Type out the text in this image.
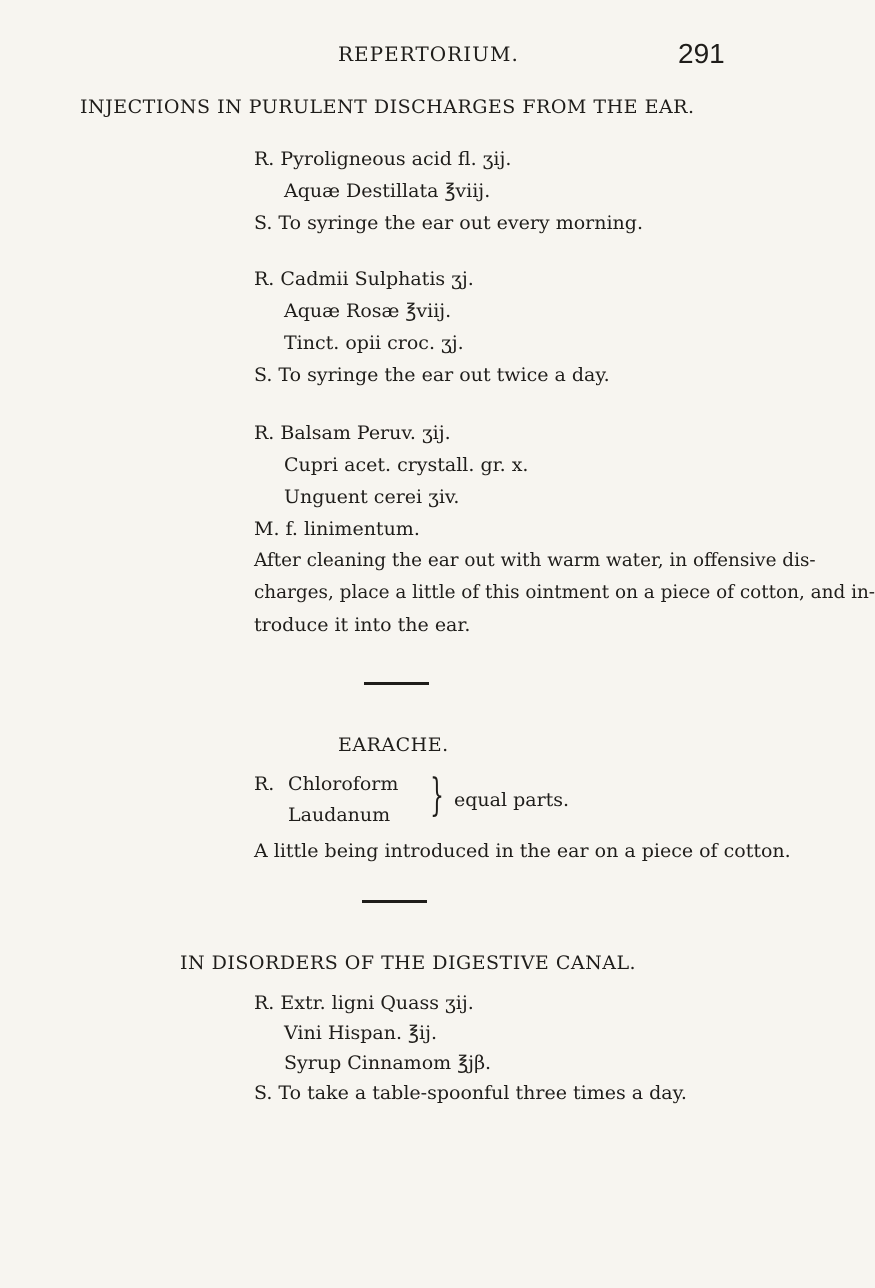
REPERTORIUM.	291
INJECTIONS IN PURULENT DISCHARGES FROM THE EAR.
R. Pyroligneous acid fl. ʒij.
Aquæ Destillata ℥viij.
S. To syringe the ear out every morning.
R. Cadmii Sulphatis ʒj.
Aquæ Rosæ ℥viij.
Tinct. opii croc. ʒj.
S. To syringe the ear out twice a day.
R. Balsam Peruv. ʒij.
Cupri acet. crystall. gr. x.
Unguent cerei ʒiv.
M. f. linimentum.
After cleaning the ear out with warm water, in offensive dis-
charges, place a little of this ointment on a piece of cotton, and in-
troduce it into the ear.
EARACHE.
R. Chloroform
Laudanum } equal parts.
A little being introduced in the ear on a piece of cotton.
IN DISORDERS OF THE DIGESTIVE CANAL.
R. Extr. ligni Quass ʒij.
Vini Hispan. ℥ij.
Syrup Cinnamom ℥jβ.
S. To take a table-spoonful three times a day.
